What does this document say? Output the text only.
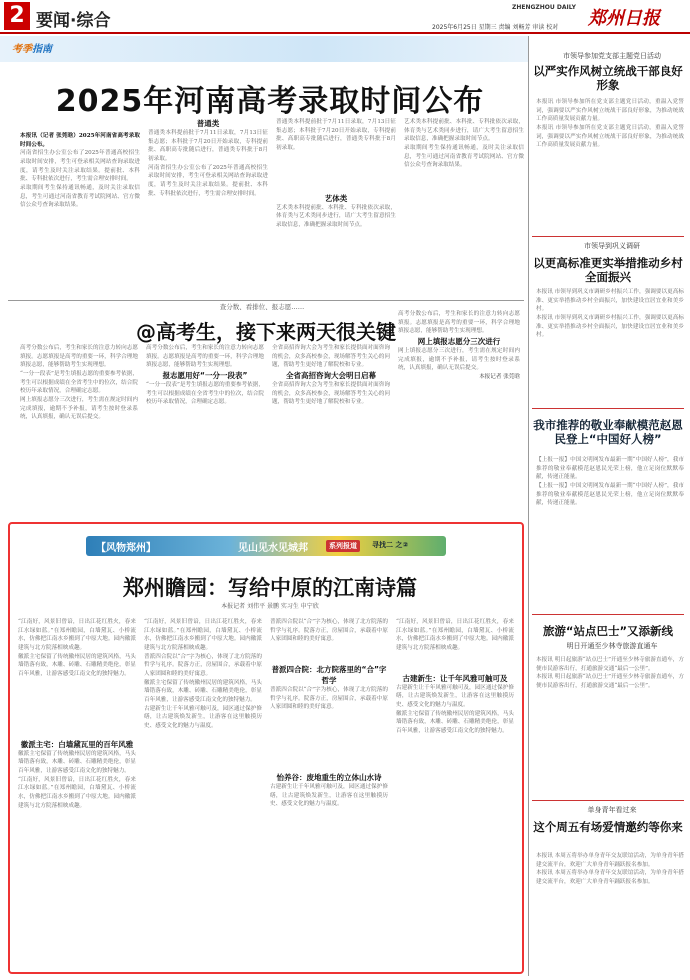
2 要闻·综合	2025年6月25日 星期三 责编 刘畅芳 审读 校对
ZHENGZHOU DAILY
郑州日报
考季指南
2025年河南高考录取时间公布

本报讯（记者 张莞晗）2025年河南省高考录取时间公布。

河南省招生办公室公布了2025年普通高校招生录取时间安排，考生可登录相关网站查询录取进度，请考生及时关注录取结果。提前批、本科批、专科批依次进行，考生需合理安排时间。

录取期间考生保持通讯畅通，及时关注录取信息，考生可通过河南省教育考试院网站、官方微信公众号查询录取结果。

普通类

普通类本科提前批于7月11日录取，7月13日征集志愿；本科批于7月20日开始录取，专科提前批、高职高专批随后进行，普通类专科批于8月初录取。

河南省招生办公室公布了2025年普通高校招生录取时间安排，考生可登录相关网站查询录取进度，请考生及时关注录取结果。提前批、本科批、专科批依次进行，考生需合理安排时间。

普通类本科提前批于7月11日录取，7月13日征集志愿；本科批于7月20日开始录取，专科提前批、高职高专批随后进行，普通类专科批于8月初录取。

艺体类

艺术类本科提前批、本科批、专科批依次录取，体育类与艺术类同步进行，请广大考生留意招生录取信息，准确把握录取时间节点。

艺术类本科提前批、本科批、专科批依次录取，体育类与艺术类同步进行，请广大考生留意招生录取信息，准确把握录取时间节点。

录取期间考生保持通讯畅通，及时关注录取信息，考生可通过河南省教育考试院网站、官方微信公众号查询录取结果。

查分数、看排位、报志愿……
@高考生，接下来两天很关键

高考分数公布后，考生和家长的注意力转向志愿填报。志愿填报是高考的重要一环，科学合理地填报志愿，能够帮助考生实现理想。

“一分一段表”是考生填报志愿的重要参考依据，考生可以根据成绩在全省考生中的位次，结合院校历年录取情况，合理确定志愿。

网上填报志愿分三次进行，考生需在规定时间内完成填报，逾期不予补报，请考生按时登录系统，认真填报，确认无误后提交。

高考分数公布后，考生和家长的注意力转向志愿填报。志愿填报是高考的重要一环，科学合理地填报志愿，能够帮助考生实现理想。

报志愿用好“一分一段表”

“一分一段表”是考生填报志愿的重要参考依据，考生可以根据成绩在全省考生中的位次，结合院校历年录取情况，合理确定志愿。

全省高招咨询大会为考生和家长提供面对面咨询的机会，众多高校参会，现场解答考生关心的问题，帮助考生更好地了解院校和专业。

全省高招咨询大会明日启幕

全省高招咨询大会为考生和家长提供面对面咨询的机会，众多高校参会，现场解答考生关心的问题，帮助考生更好地了解院校和专业。

高考分数公布后，考生和家长的注意力转向志愿填报。志愿填报是高考的重要一环，科学合理地填报志愿，能够帮助考生实现理想。

网上填报志愿分三次进行

网上填报志愿分三次进行，考生需在规定时间内完成填报，逾期不予补报，请考生按时登录系统，认真填报，确认无误后提交。

本报记者 张莞晗

【风物郑州】	见山见水见城邦	系列报道	寻找二 之②
郑州瞻园：写给中原的江南诗篇
本报记者 刘伟平 景鹏 实习生 申宁欣

“江南好，风景旧曾谙，日出江花红胜火，春来江水绿如蓝。”在郑州瞻园，白墙黛瓦、小桥流水，仿佛把江南水乡搬到了中原大地。园内徽派建筑与北方院落相映成趣。

徽派主宅保留了传统徽州民居的建筑风格，马头墙错落有致，木雕、砖雕、石雕精美绝伦，彰显百年风雅，让游客感受江南文化的独特魅力。

徽派主宅：白墙黛瓦里的百年风雅

徽派主宅保留了传统徽州民居的建筑风格，马头墙错落有致，木雕、砖雕、石雕精美绝伦，彰显百年风雅，让游客感受江南文化的独特魅力。

“江南好，风景旧曾谙，日出江花红胜火，春来江水绿如蓝。”在郑州瞻园，白墙黛瓦、小桥流水，仿佛把江南水乡搬到了中原大地。园内徽派建筑与北方院落相映成趣。

“江南好，风景旧曾谙，日出江花红胜火，春来江水绿如蓝。”在郑州瞻园，白墙黛瓦、小桥流水，仿佛把江南水乡搬到了中原大地。园内徽派建筑与北方院落相映成趣。

普派四合院以“合”字为核心，体现了北方院落的哲学与礼序。院落方正，房屋围合，承载着中原人家团圆和睦的美好寓意。

徽派主宅保留了传统徽州民居的建筑风格，马头墙错落有致，木雕、砖雕、石雕精美绝伦，彰显百年风雅，让游客感受江南文化的独特魅力。

古建新生让千年风雅可触可及，园区通过保护修缮，让古建筑焕发新生，让游客在这里触摸历史、感受文化的魅力与温度。

普派四合院以“合”字为核心，体现了北方院落的哲学与礼序。院落方正，房屋围合，承载着中原人家团圆和睦的美好寓意。

普派四合院：北方院落里的“合”字哲学

普派四合院以“合”字为核心，体现了北方院落的哲学与礼序。院落方正，房屋围合，承载着中原人家团圆和睦的美好寓意。

怡养谷：废地重生的立体山水诗

古建新生让千年风雅可触可及，园区通过保护修缮，让古建筑焕发新生，让游客在这里触摸历史、感受文化的魅力与温度。

“江南好，风景旧曾谙，日出江花红胜火，春来江水绿如蓝。”在郑州瞻园，白墙黛瓦、小桥流水，仿佛把江南水乡搬到了中原大地。园内徽派建筑与北方院落相映成趣。

古建新生：让千年风雅可触可及

古建新生让千年风雅可触可及，园区通过保护修缮，让古建筑焕发新生，让游客在这里触摸历史、感受文化的魅力与温度。

徽派主宅保留了传统徽州民居的建筑风格，马头墙错落有致，木雕、砖雕、石雕精美绝伦，彰显百年风雅，让游客感受江南文化的独特魅力。

市领导参加党支部主题党日活动
以严实作风树立统战干部良好形象

本报讯 市领导参加所在党支部主题党日活动，重温入党誓词，强调要以严实作风树立统战干部良好形象，为推动统战工作高质量发展贡献力量。

本报讯 市领导参加所在党支部主题党日活动，重温入党誓词，强调要以严实作风树立统战干部良好形象，为推动统战工作高质量发展贡献力量。

市领导到巩义调研
以更高标准更实举措推动乡村全面振兴

本报讯 市领导到巩义市调研乡村振兴工作，强调要以更高标准、更实举措推动乡村全面振兴，加快建设宜居宜业和美乡村。

本报讯 市领导到巩义市调研乡村振兴工作，强调要以更高标准、更实举措推动乡村全面振兴，加快建设宜居宜业和美乡村。

我市推荐的敬业奉献模范赵恩民登上“中国好人榜”

【上报一报】中国文明网发布最新一期“中国好人榜”，我市推荐的敬业奉献模范赵恩民光荣上榜，他立足岗位默默奉献，传递正能量。

【上报一报】中国文明网发布最新一期“中国好人榜”，我市推荐的敬业奉献模范赵恩民光荣上榜，他立足岗位默默奉献，传递正能量。

旅游“站点巴士”又添新线
明日开通至少林寺旅游直通车

本报讯 明日起旅游“站点巴士”开通至少林寺旅游直通车，方便市民游客出行，打通旅游交通“最后一公里”。

本报讯 明日起旅游“站点巴士”开通至少林寺旅游直通车，方便市民游客出行，打通旅游交通“最后一公里”。

单身青年看过来
这个周五有场爱情邀约等你来

本报讯 本周五将举办单身青年交友联谊活动，为单身青年搭建交流平台，欢迎广大单身青年踊跃报名参加。

本报讯 本周五将举办单身青年交友联谊活动，为单身青年搭建交流平台，欢迎广大单身青年踊跃报名参加。
